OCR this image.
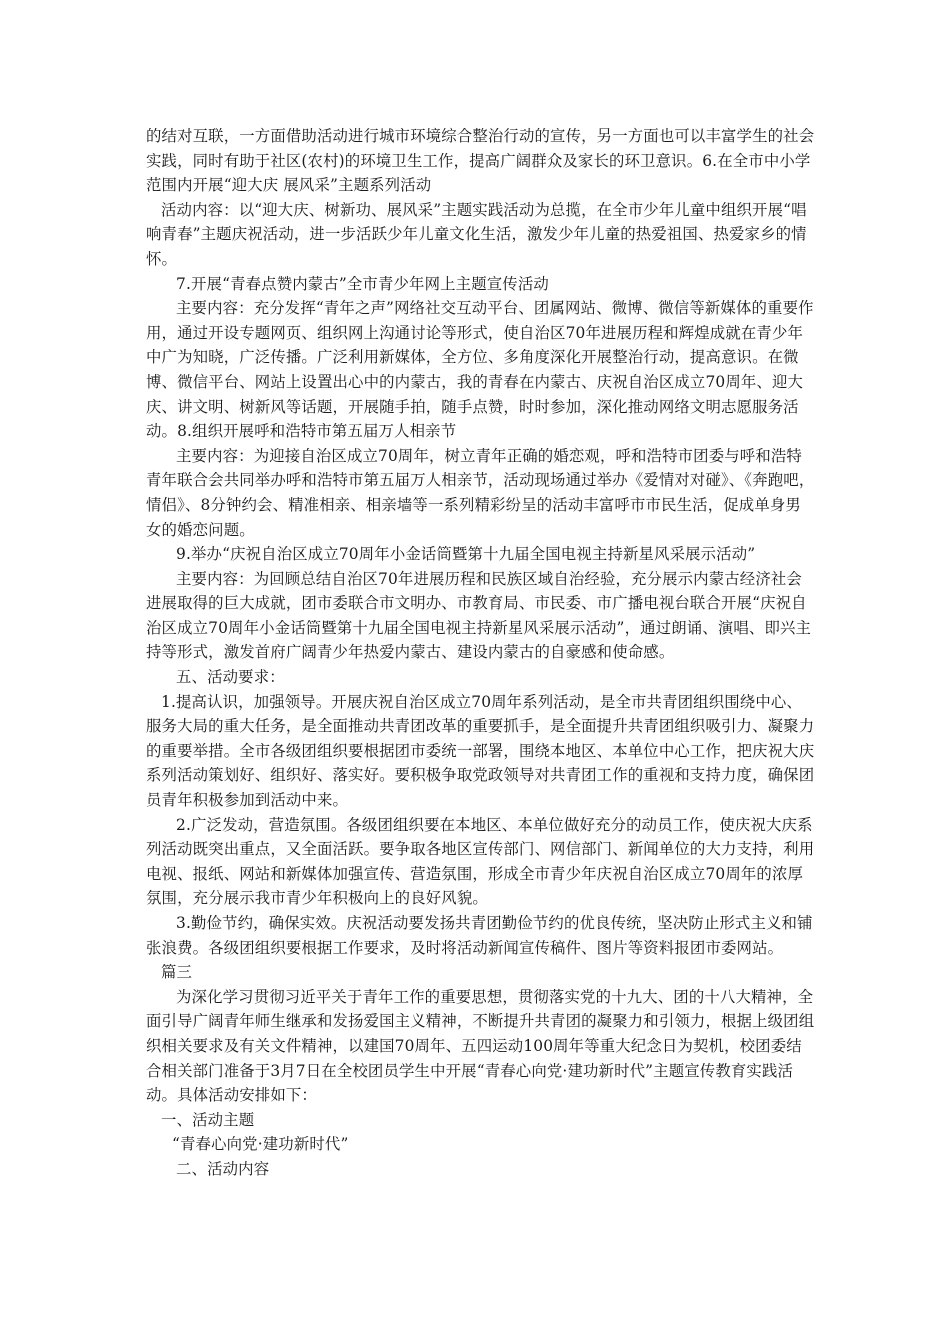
的结对互联，一方面借助活动进行城市环境综合整治行动的宣传，另一方面也可以丰富学生的社会实践，同时有助于社区(农村)的环境卫生工作，提高广阔群众及家长的环卫意识。6.在全市中小学范围内开展“迎大庆 展风采”主题系列活动

活动内容：以“迎大庆、树新功、展风采”主题实践活动为总揽，在全市少年儿童中组织开展“唱响青春”主题庆祝活动，进一步活跃少年儿童文化生活，激发少年儿童的热爱祖国、热爱家乡的情怀。

7.开展“青春点赞内蒙古”全市青少年网上主题宣传活动

主要内容：充分发挥“青年之声”网络社交互动平台、团属网站、微博、微信等新媒体的重要作用，通过开设专题网页、组织网上沟通讨论等形式，使自治区70年进展历程和辉煌成就在青少年中广为知晓，广泛传播。广泛利用新媒体，全方位、多角度深化开展整治行动，提高意识。在微博、微信平台、网站上设置出心中的内蒙古，我的青春在内蒙古、庆祝自治区成立70周年、迎大庆、讲文明、树新风等话题，开展随手拍，随手点赞，时时参加，深化推动网络文明志愿服务活动。8.组织开展呼和浩特市第五届万人相亲节

主要内容：为迎接自治区成立70周年，树立青年正确的婚恋观，呼和浩特市团委与呼和浩特青年联合会共同举办呼和浩特市第五届万人相亲节，活动现场通过举办《爱情对对碰》、《奔跑吧，情侣》、8分钟约会、精准相亲、相亲墙等一系列精彩纷呈的活动丰富呼市市民生活，促成单身男女的婚恋问题。

9.举办“庆祝自治区成立70周年小金话筒暨第十九届全国电视主持新星风采展示活动”

主要内容：为回顾总结自治区70年进展历程和民族区域自治经验，充分展示内蒙古经济社会进展取得的巨大成就，团市委联合市文明办、市教育局、市民委、市广播电视台联合开展“庆祝自治区成立70周年小金话筒暨第十九届全国电视主持新星风采展示活动”，通过朗诵、演唱、即兴主持等形式，激发首府广阔青少年热爱内蒙古、建设内蒙古的自豪感和使命感。

五、活动要求：

1.提高认识，加强领导。开展庆祝自治区成立70周年系列活动，是全市共青团组织围绕中心、服务大局的重大任务，是全面推动共青团改革的重要抓手，是全面提升共青团组织吸引力、凝聚力的重要举措。全市各级团组织要根据团市委统一部署，围绕本地区、本单位中心工作，把庆祝大庆系列活动策划好、组织好、落实好。要积极争取党政领导对共青团工作的重视和支持力度，确保团员青年积极参加到活动中来。

2.广泛发动，营造氛围。各级团组织要在本地区、本单位做好充分的动员工作，使庆祝大庆系列活动既突出重点，又全面活跃。要争取各地区宣传部门、网信部门、新闻单位的大力支持，利用电视、报纸、网站和新媒体加强宣传、营造氛围，形成全市青少年庆祝自治区成立70周年的浓厚氛围，充分展示我市青少年积极向上的良好风貌。

3.勤俭节约，确保实效。庆祝活动要发扬共青团勤俭节约的优良传统，坚决防止形式主义和铺张浪费。各级团组织要根据工作要求，及时将活动新闻宣传稿件、图片等资料报团市委网站。

篇三

为深化学习贯彻习近平关于青年工作的重要思想，贯彻落实党的十九大、团的十八大精神，全面引导广阔青年师生继承和发扬爱国主义精神，不断提升共青团的凝聚力和引领力，根据上级团组织相关要求及有关文件精神，以建国70周年、五四运动100周年等重大纪念日为契机，校团委结合相关部门准备于3月7日在全校团员学生中开展“青春心向党·建功新时代”主题宣传教育实践活动。具体活动安排如下：

一、活动主题

“青春心向党·建功新时代”

二、活动内容
